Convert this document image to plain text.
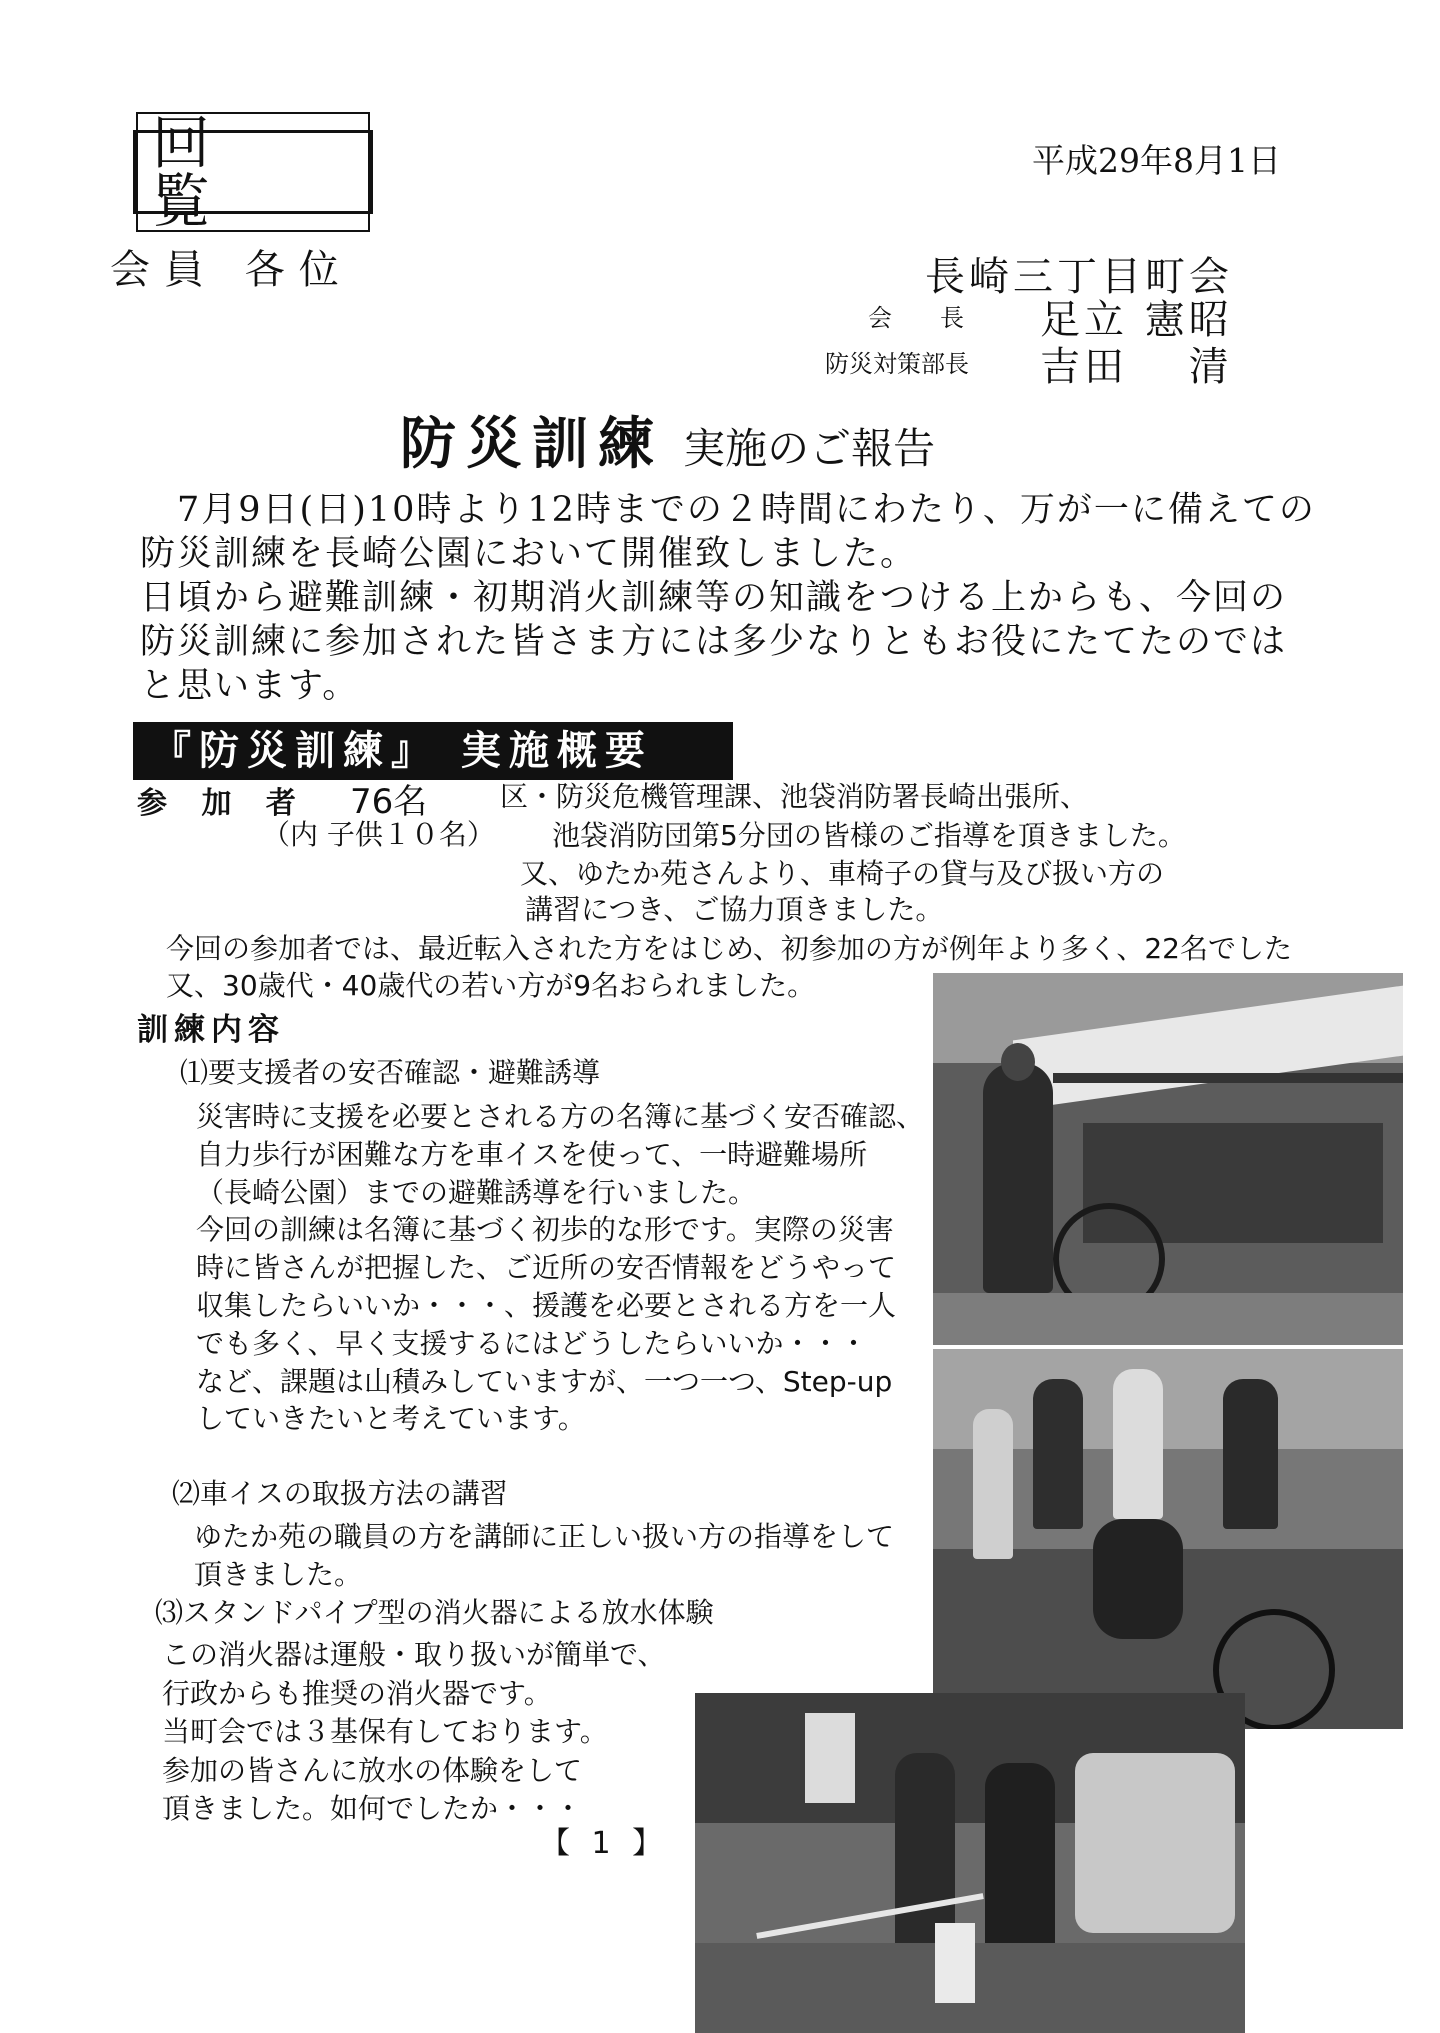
回 覧
平成29年8月1日
会員 各位	長崎三丁目町会
会　　長 足立 憲昭
防災対策部長 吉田　 清
防災訓練 実施のご報告
　7月9日(日)10時より12時までの２時間にわたり、万が一に備えての
防災訓練を長崎公園において開催致しました。
日頃から避難訓練・初期消火訓練等の知識をつける上からも、今回の
防災訓練に参加された皆さま方には多少なりともお役にたてたのでは
と思います。
『防災訓練』 実施概要
参 加 者 76名
（内 子供１０名）
区・防災危機管理課、池袋消防署長崎出張所、
池袋消防団第5分団の皆様のご指導を頂きました。
又、ゆたか苑さんより、車椅子の貸与及び扱い方の
講習につき、ご協力頂きました。
今回の参加者では、最近転入された方をはじめ、初参加の方が例年より多く、22名でした
又、30歳代・40歳代の若い方が9名おられました。
訓練内容
⑴要支援者の安否確認・避難誘導
災害時に支援を必要とされる方の名簿に基づく安否確認、
自力歩行が困難な方を車イスを使って、一時避難場所
（長崎公園）までの避難誘導を行いました。
今回の訓練は名簿に基づく初歩的な形です。実際の災害
時に皆さんが把握した、ご近所の安否情報をどうやって
収集したらいいか・・・、援護を必要とされる方を一人
でも多く、早く支援するにはどうしたらいいか・・・
など、課題は山積みしていますが、一つ一つ、Step-up
していきたいと考えています。
⑵車イスの取扱方法の講習
ゆたか苑の職員の方を講師に正しい扱い方の指導をして
頂きました。
⑶スタンドパイプ型の消火器による放水体験
この消火器は運般・取り扱いが簡単で、
行政からも推奨の消火器です。
当町会では３基保有しております。
参加の皆さんに放水の体験をして
頂きました。如何でしたか・・・
【 1 】
